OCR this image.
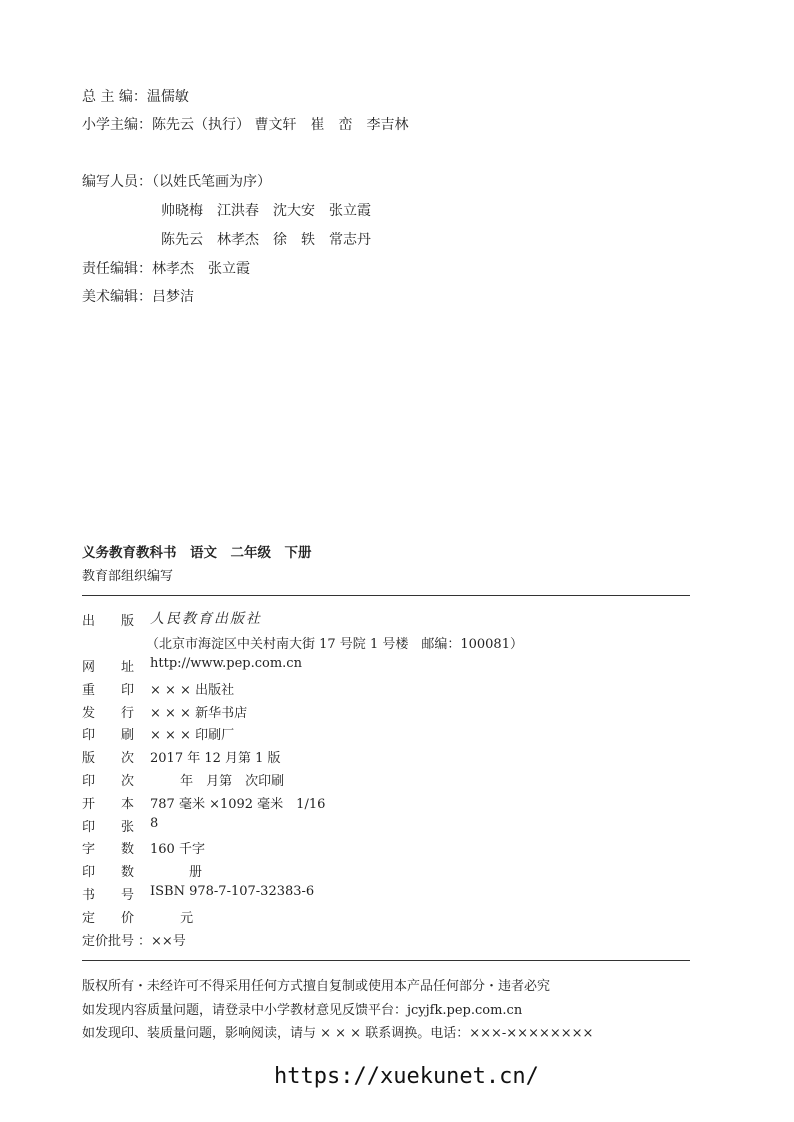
总 主 编：温儒敏
小学主编：陈先云（执行） 曹文轩　崔　峦　李吉林
编写人员：（以姓氏笔画为序）
帅晓梅　江洪春　沈大安　张立霞
陈先云　林孝杰　徐　轶　常志丹
责任编辑：林孝杰　张立霞
美术编辑：吕梦洁
义务教育教科书　语文　二年级　下册
教育部组织编写
出　　版 人民教育出版社
（北京市海淀区中关村南大街 17 号院 1 号楼　邮编：100081）
网　　址 http://www.pep.com.cn
重　　印 × × × 出版社
发　　行 × × × 新华书店
印　　刷 × × × 印刷厂
版　　次 2017 年 12 月第 1 版
印　　次 　　 年　月第　次印刷
开　　本 787 毫米 ×1092 毫米　1/16
印　　张 8
字　　数 160 千字
印　　数 　　　册
书　　号 ISBN 978-7-107-32383-6
定　　价 　　 元
定价批号 ：××号
版权所有・未经许可不得采用任何方式擅自复制或使用本产品任何部分・违者必究
如发现内容质量问题，请登录中小学教材意见反馈平台：jcyjfk.pep.com.cn
如发现印、装质量问题，影响阅读，请与 × × × 联系调换。电话：×××-××××××××
https://xuekunet.cn/
